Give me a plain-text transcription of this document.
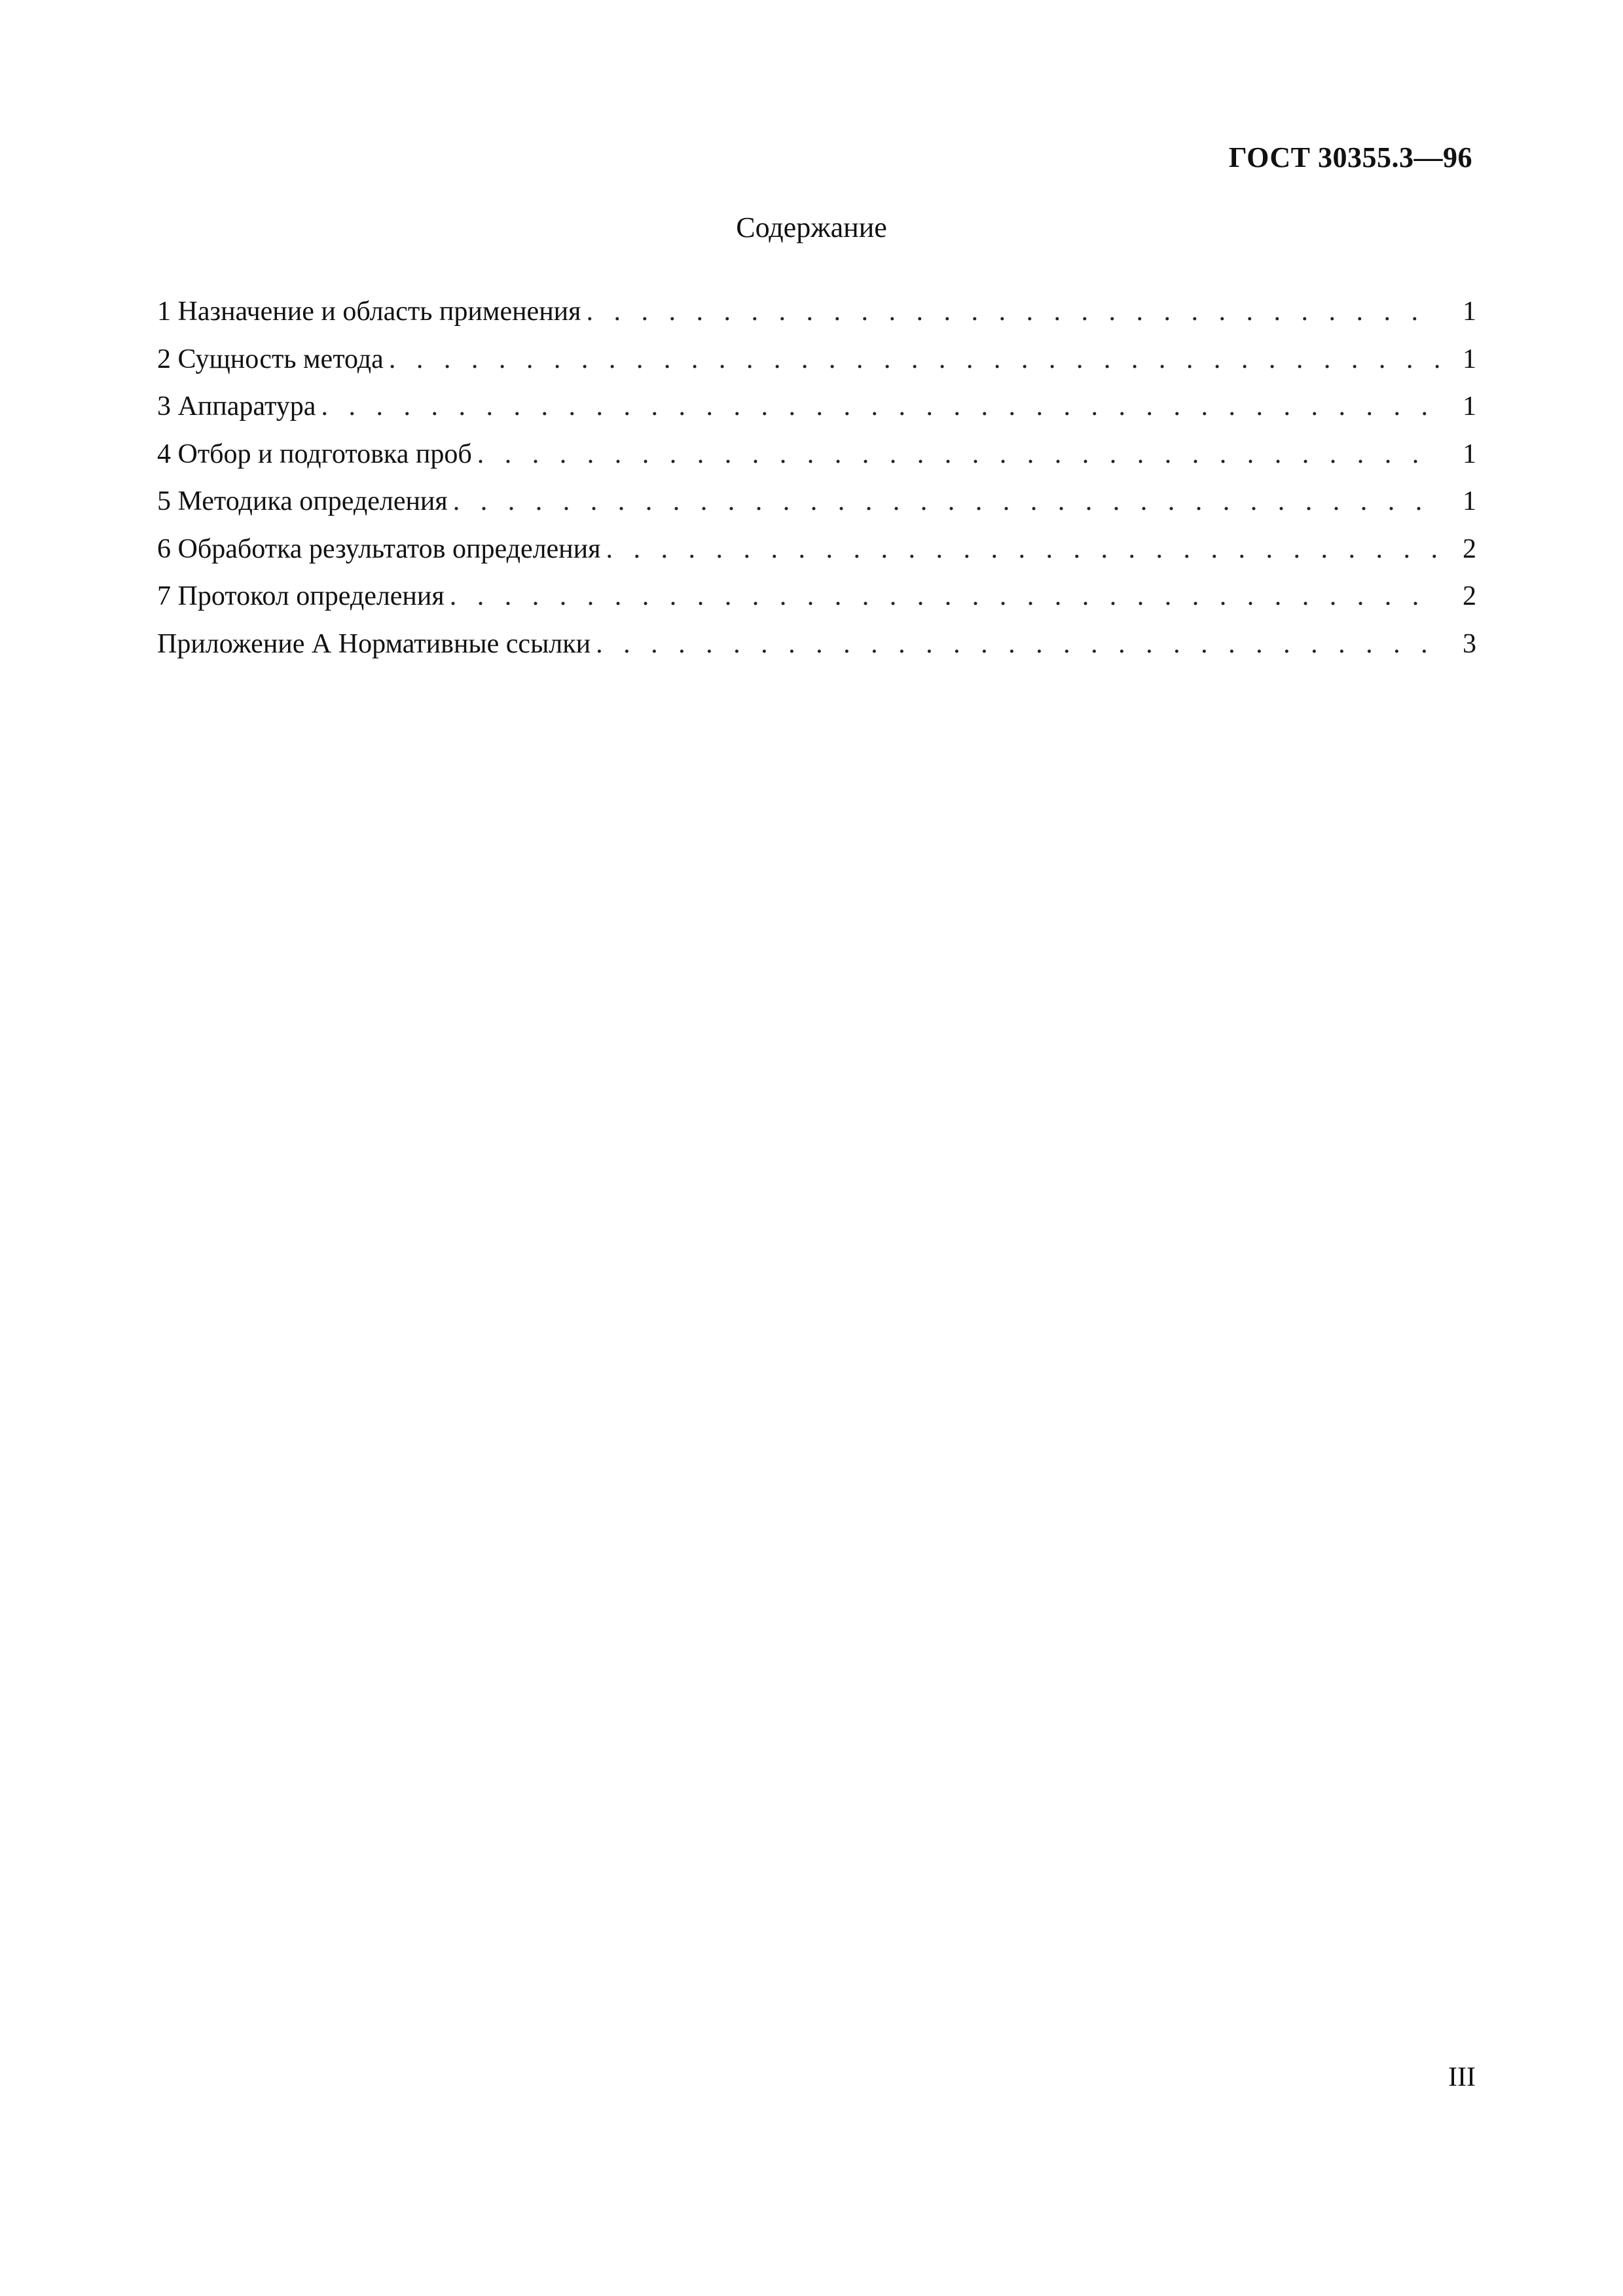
ГОСТ 30355.3—96
Содержание
1 Назначение и область применения . . .	1
2 Сущность метода . . .	1
3 Аппаратура . . .	1
4 Отбор и подготовка проб . . .	1
5 Методика определения . . .	1
6 Обработка результатов определения . . .	2
7 Протокол определения . . .	2
Приложение А Нормативные ссылки . . .	3
III
